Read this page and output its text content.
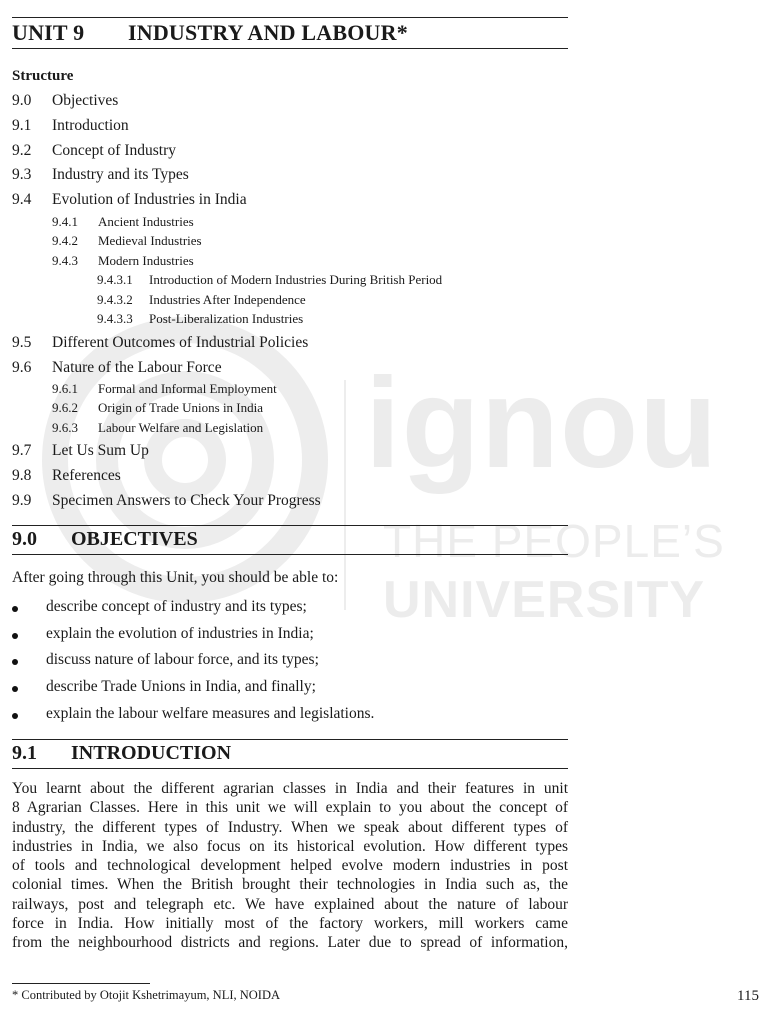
ignou
THE PEOPLE’S
UNIVERSITY
UNIT 9 INDUSTRY AND LABOUR*
Structure
9.0 Objectives
9.1 Introduction
9.2 Concept of Industry
9.3 Industry and its Types
9.4 Evolution of Industries in India
9.4.1 Ancient Industries
9.4.2 Medieval Industries
9.4.3 Modern Industries
9.4.3.1 Introduction of Modern Industries During British Period
9.4.3.2 Industries After Independence
9.4.3.3 Post-Liberalization Industries
9.5 Different Outcomes of Industrial Policies
9.6 Nature of the Labour Force
9.6.1 Formal and Informal Employment
9.6.2 Origin of Trade Unions in India
9.6.3 Labour Welfare and Legislation
9.7 Let Us Sum Up
9.8 References
9.9 Specimen Answers to Check Your Progress
9.0 OBJECTIVES
After going through this Unit, you should be able to:
describe concept of industry and its types;
explain the evolution of industries in India;
discuss nature of labour force, and its types;
describe Trade Unions in India, and finally;
explain the labour welfare measures and legislations.
9.1 INTRODUCTION
You learnt about the different agrarian classes in India and their features in unit
8 Agrarian Classes. Here in this unit we will explain to you about the concept of
industry, the different types of Industry. When we speak about different types of
industries in India, we also focus on its historical evolution. How different types
of tools and technological development helped evolve modern industries in post
colonial times. When the British brought their technologies in India such as, the
railways, post and telegraph etc. We have explained about the nature of labour
force in India. How initially most of the factory workers, mill workers came
from the neighbourhood districts and regions. Later due to spread of information,
* Contributed by Otojit Kshetrimayum, NLI, NOIDA	115
